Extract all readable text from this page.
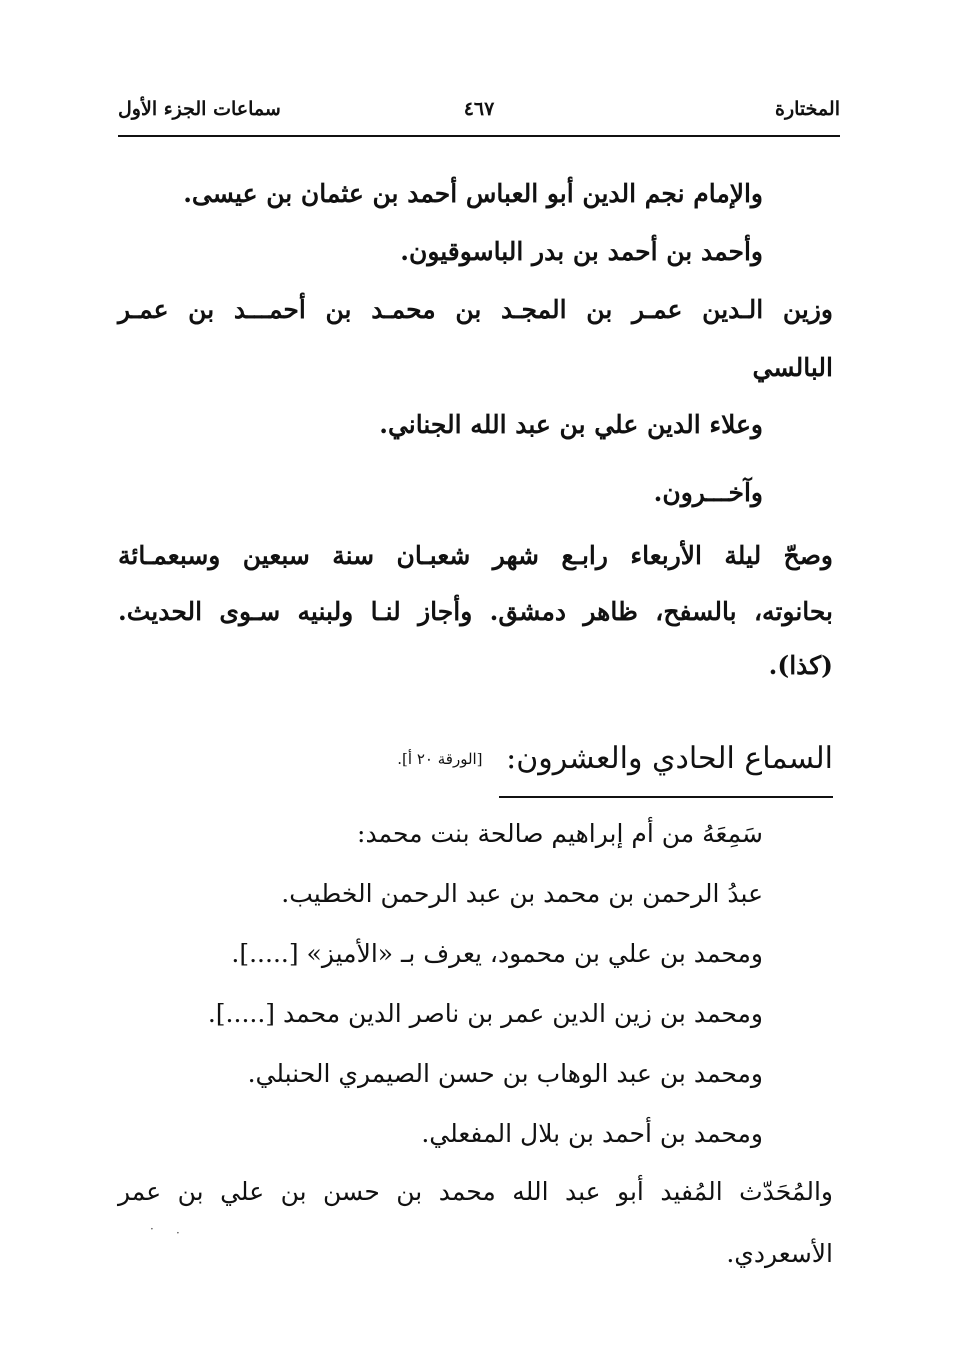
المختارة
٤٦٧
سماعات الجزء الأول
والإمام نجم الدين أبو العباس أحمد بن عثمان بن عيسى.
وأحمد بن أحمد بن بدر الباسوقيون.
وزين الـدين عمـر بن المجـد بن محمـد بن أحمـــد بن عمـر
البالسي
وعلاء الدين علي بن عبد الله الجناني.
وآخـــرون.
وصحّ ليلة الأربعاء رابـع شهر شعبـان سنة سبعين وسبعمـائة
بحانوته، بالسفح، ظاهر دمشق. وأجاز لنـا ولبنيه سـوى الحديث.
(كذا).
السماع الحادي والعشرون: [الورقة ٢٠ أ].
سَمِعَهُ من أم إبراهيم صالحة بنت محمد:
عبدُ الرحمن بن محمد بن عبد الرحمن الخطيب.
ومحمد بن علي بن محمود، يعرف بـ «الأميز» [.....].
ومحمد بن زين الدين عمر بن ناصر الدين محمد [.....].
ومحمد بن عبد الوهاب بن حسن الصيمري الحنبلي.
ومحمد بن أحمد بن بلال المفعلي.
والمُحَدّث المُفيد أبو عبد الله محمد بن حسن بن علي بن عمر
الأسعردي.
· ·
